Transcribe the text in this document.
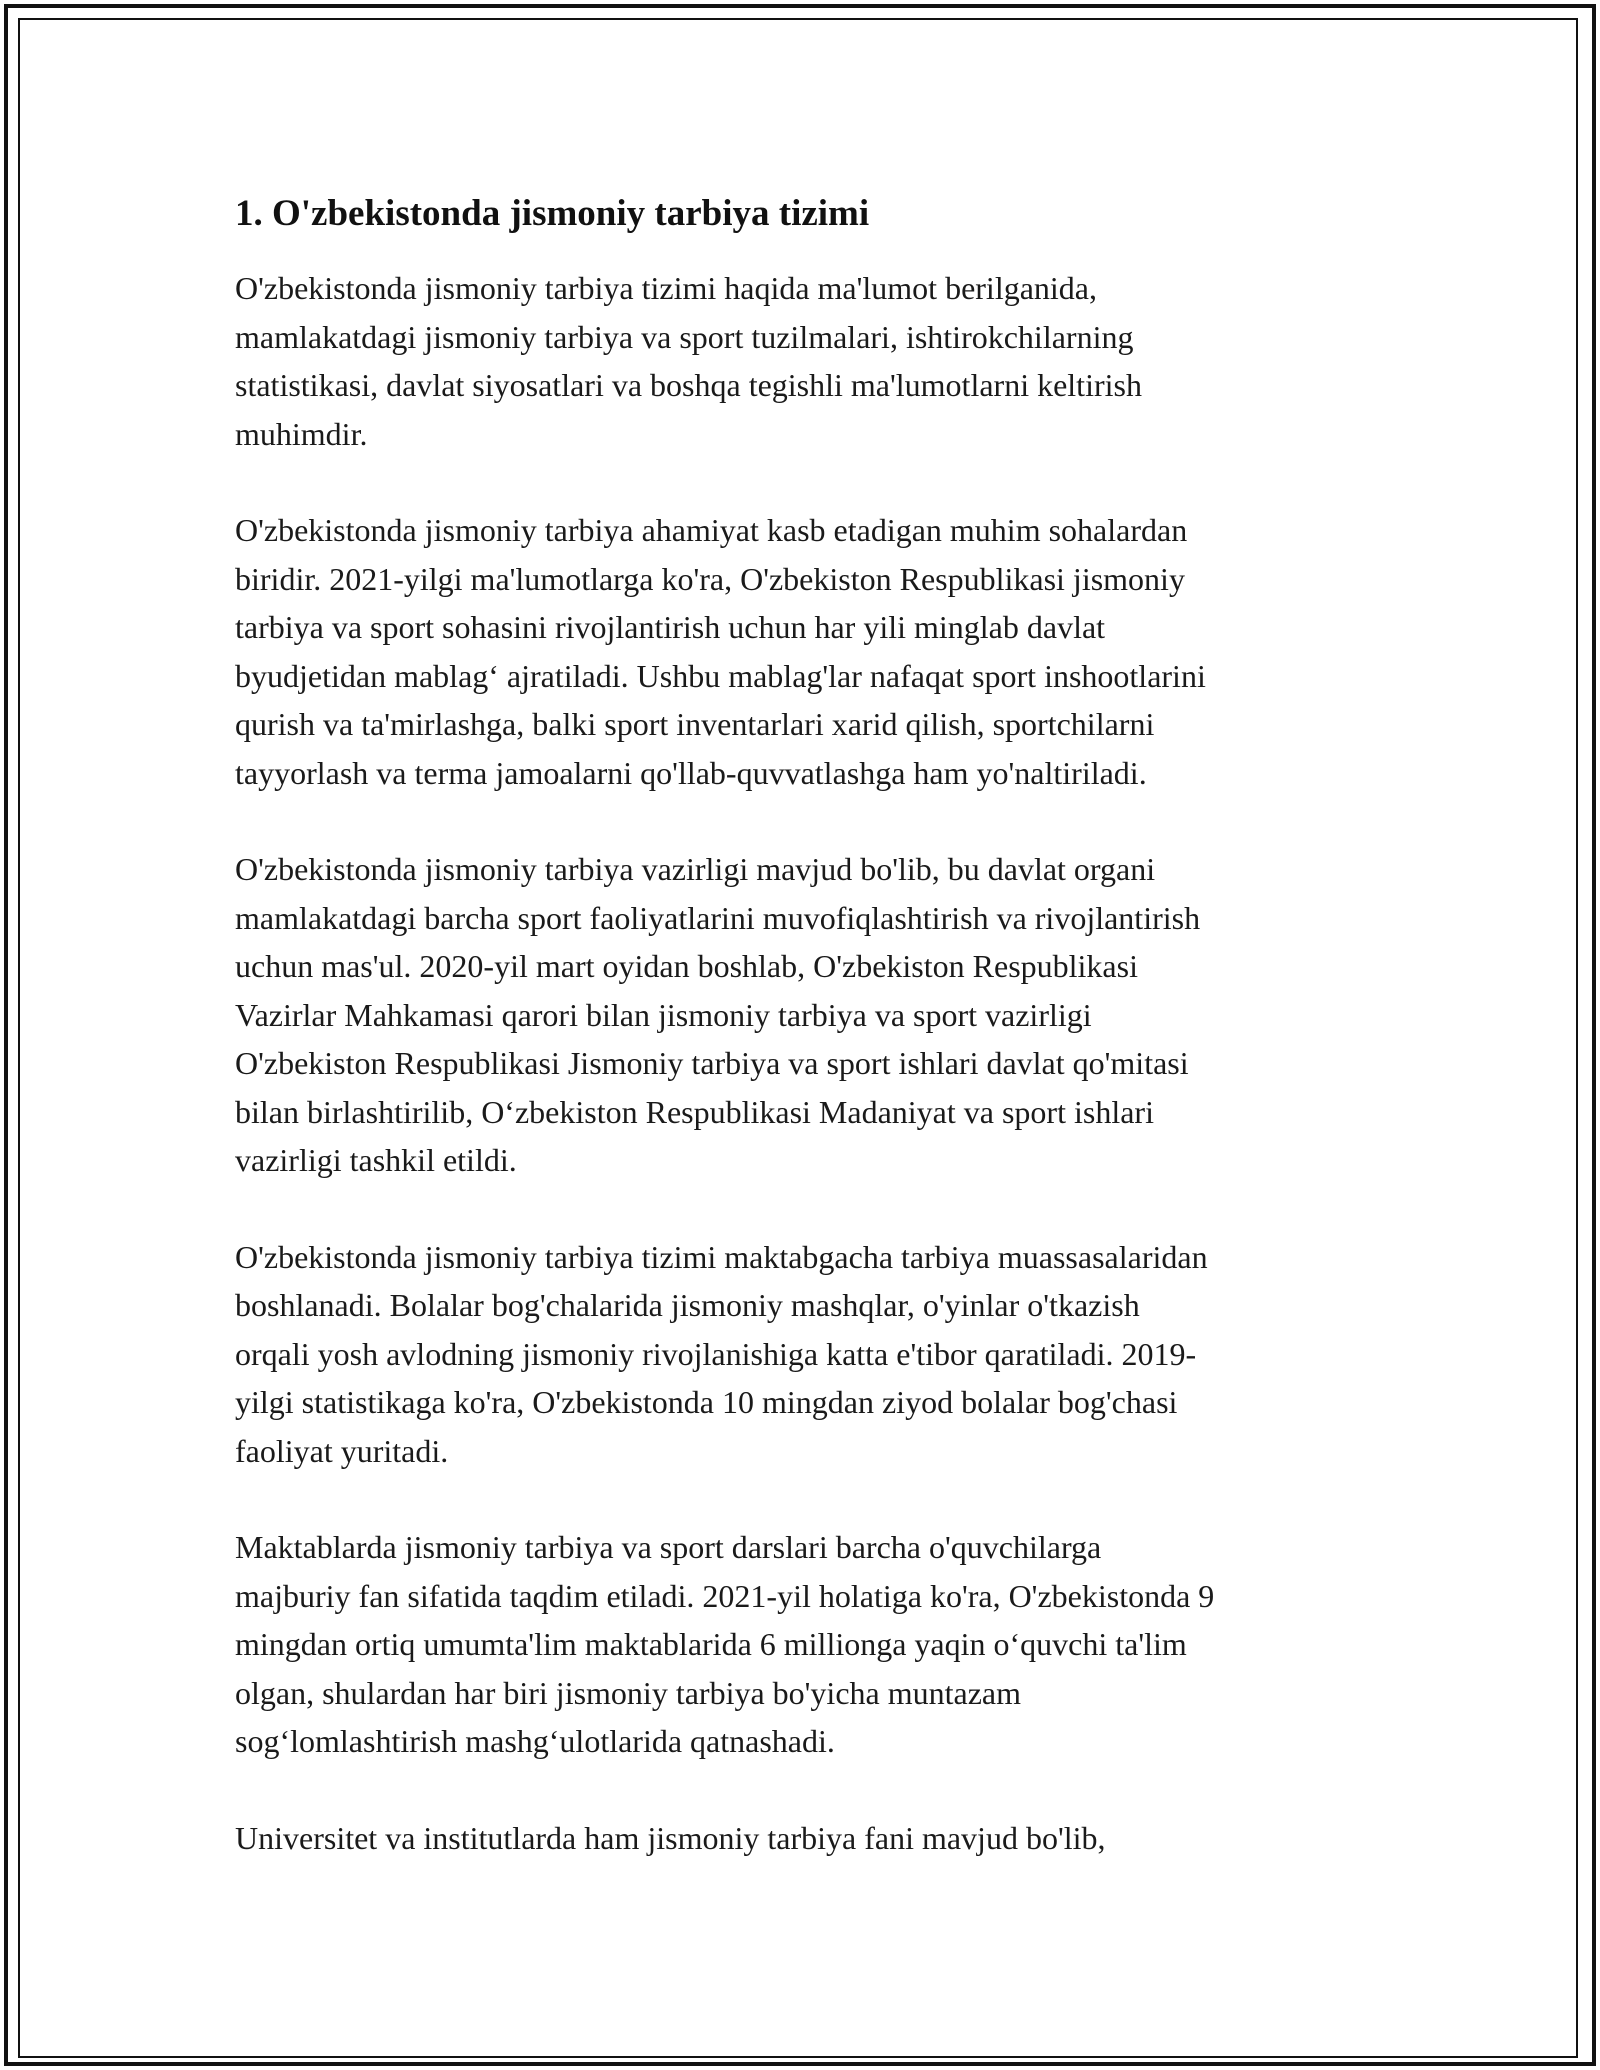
1. O'zbekistonda jismoniy tarbiya tizimi

O'zbekistonda jismoniy tarbiya tizimi haqida ma'lumot berilganida,
mamlakatdagi jismoniy tarbiya va sport tuzilmalari, ishtirokchilarning
statistikasi, davlat siyosatlari va boshqa tegishli ma'lumotlarni keltirish
muhimdir.

O'zbekistonda jismoniy tarbiya ahamiyat kasb etadigan muhim sohalardan
biridir. 2021-yilgi ma'lumotlarga ko'ra, O'zbekiston Respublikasi jismoniy
tarbiya va sport sohasini rivojlantirish uchun har yili minglab davlat
byudjetidan mablag‘ ajratiladi. Ushbu mablag'lar nafaqat sport inshootlarini
qurish va ta'mirlashga, balki sport inventarlari xarid qilish, sportchilarni
tayyorlash va terma jamoalarni qo'llab-quvvatlashga ham yo'naltiriladi.

O'zbekistonda jismoniy tarbiya vazirligi mavjud bo'lib, bu davlat organi
mamlakatdagi barcha sport faoliyatlarini muvofiqlashtirish va rivojlantirish
uchun mas'ul. 2020-yil mart oyidan boshlab, O'zbekiston Respublikasi
Vazirlar Mahkamasi qarori bilan jismoniy tarbiya va sport vazirligi
O'zbekiston Respublikasi Jismoniy tarbiya va sport ishlari davlat qo'mitasi
bilan birlashtirilib, O‘zbekiston Respublikasi Madaniyat va sport ishlari
vazirligi tashkil etildi.

O'zbekistonda jismoniy tarbiya tizimi maktabgacha tarbiya muassasalaridan
boshlanadi. Bolalar bog'chalarida jismoniy mashqlar, o'yinlar o'tkazish
orqali yosh avlodning jismoniy rivojlanishiga katta e'tibor qaratiladi. 2019-
yilgi statistikaga ko'ra, O'zbekistonda 10 mingdan ziyod bolalar bog'chasi
faoliyat yuritadi.

Maktablarda jismoniy tarbiya va sport darslari barcha o'quvchilarga
majburiy fan sifatida taqdim etiladi. 2021-yil holatiga ko'ra, O'zbekistonda 9
mingdan ortiq umumta'lim maktablarida 6 millionga yaqin o‘quvchi ta'lim
olgan, shulardan har biri jismoniy tarbiya bo'yicha muntazam
sog‘lomlashtirish mashg‘ulotlarida qatnashadi.

Universitet va institutlarda ham jismoniy tarbiya fani mavjud bo'lib,
